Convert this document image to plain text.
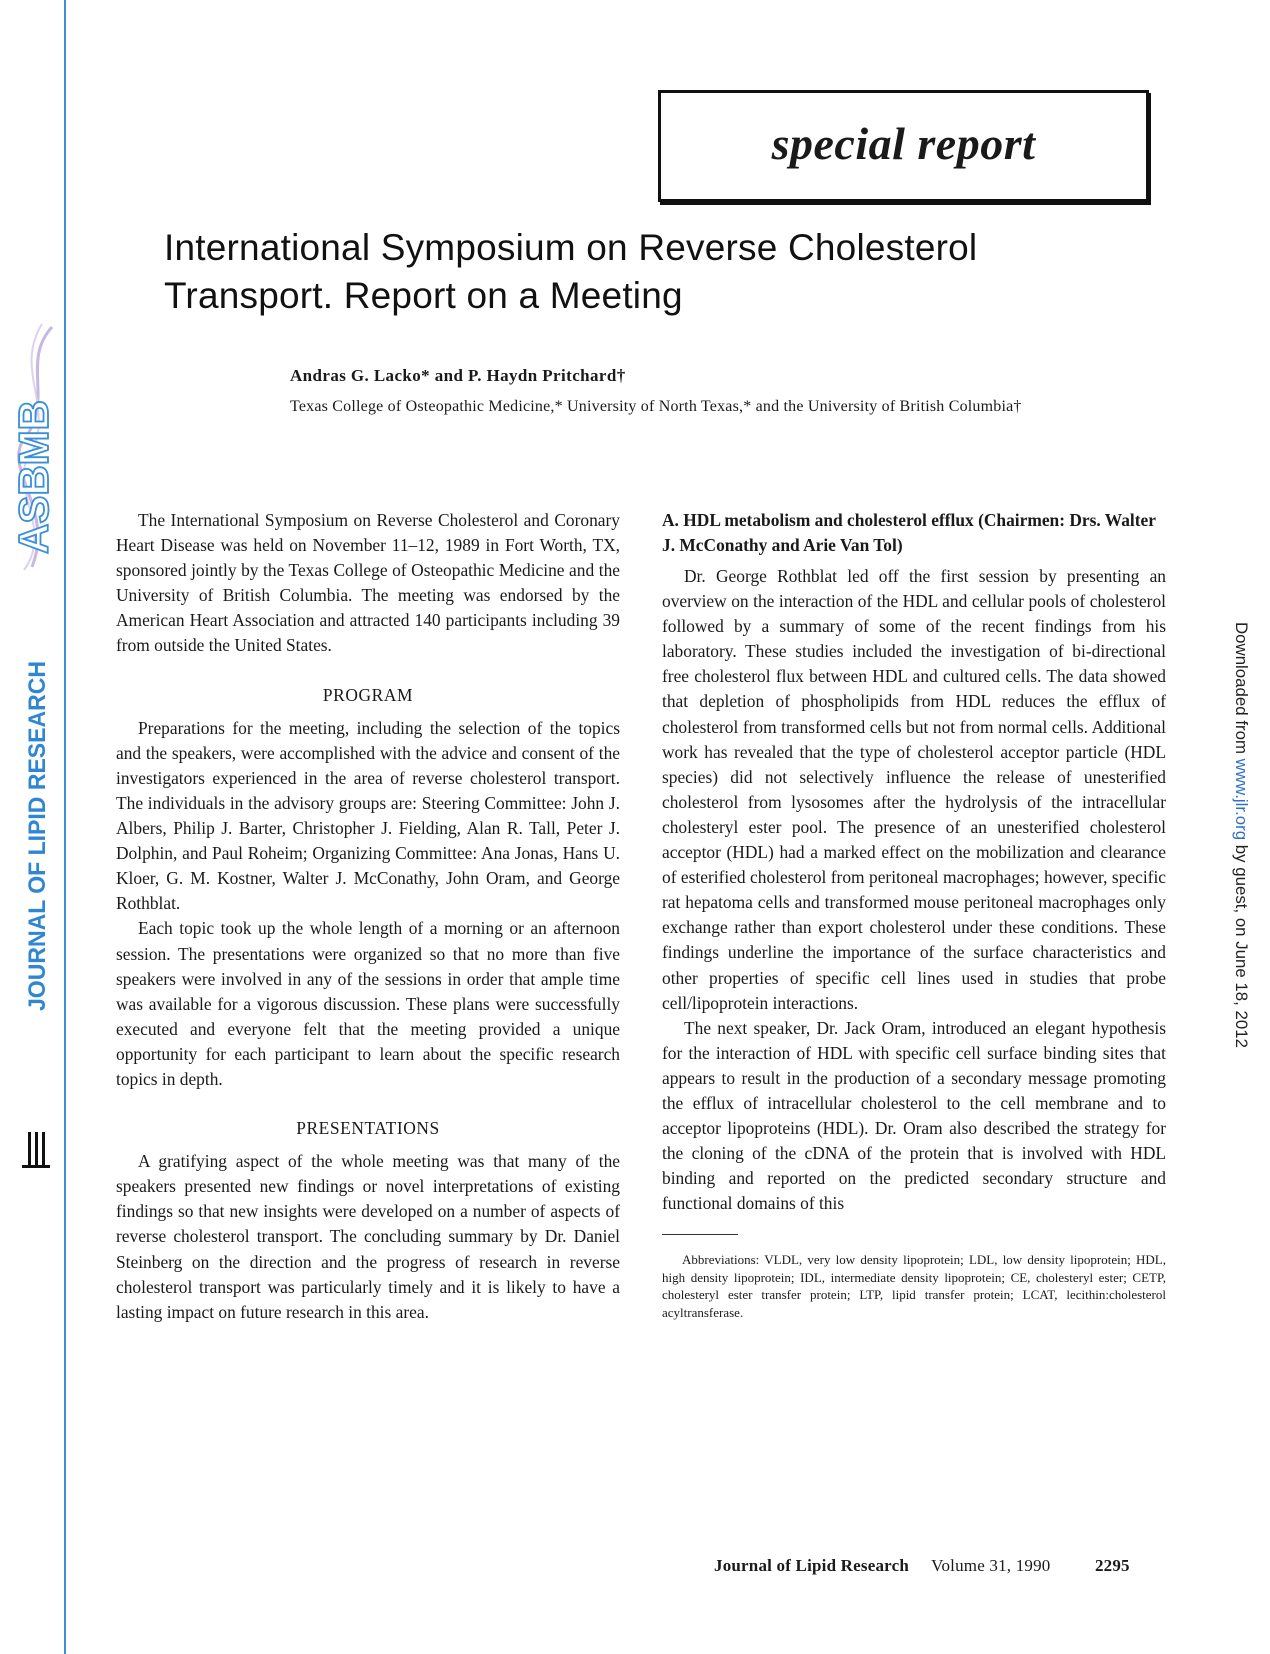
ASBMB
JOURNAL OF LIPID RESEARCH	Downloaded from www.jlr.org by guest, on June 18, 2012
special report
International Symposium on Reverse Cholesterol
Transport. Report on a Meeting
Andras G. Lacko* and P. Haydn Pritchard†
Texas College of Osteopathic Medicine,* University of North Texas,* and the University of British Columbia†

The International Symposium on Reverse Cholesterol and Coronary Heart Disease was held on November 11–12, 1989 in Fort Worth, TX, sponsored jointly by the Texas College of Osteopathic Medicine and the University of British Columbia. The meeting was endorsed by the American Heart Association and attracted 140 participants including 39 from outside the United States.

PROGRAM

Preparations for the meeting, including the selection of the topics and the speakers, were accomplished with the advice and consent of the investigators experienced in the area of reverse cholesterol transport. The individuals in the advisory groups are: Steering Committee: John J. Albers, Philip J. Barter, Christopher J. Fielding, Alan R. Tall, Peter J. Dolphin, and Paul Roheim; Organizing Committee: Ana Jonas, Hans U. Kloer, G. M. Kostner, Walter J. McConathy, John Oram, and George Rothblat.

Each topic took up the whole length of a morning or an afternoon session. The presentations were organized so that no more than five speakers were involved in any of the sessions in order that ample time was available for a vigorous discussion. These plans were successfully executed and everyone felt that the meeting provided a unique opportunity for each participant to learn about the specific research topics in depth.

PRESENTATIONS

A gratifying aspect of the whole meeting was that many of the speakers presented new findings or novel interpretations of existing findings so that new insights were developed on a number of aspects of reverse cholesterol transport. The concluding summary by Dr. Daniel Steinberg on the direction and the progress of research in reverse cholesterol transport was particularly timely and it is likely to have a lasting impact on future research in this area.

A. HDL metabolism and cholesterol efflux (Chairmen: Drs. Walter J. McConathy and Arie Van Tol)

Dr. George Rothblat led off the first session by presenting an overview on the interaction of the HDL and cellular pools of cholesterol followed by a summary of some of the recent findings from his laboratory. These studies included the investigation of bi-directional free cholesterol flux between HDL and cultured cells. The data showed that depletion of phospholipids from HDL reduces the efflux of cholesterol from transformed cells but not from normal cells. Additional work has revealed that the type of cholesterol acceptor particle (HDL species) did not selectively influence the release of unesterified cholesterol from lysosomes after the hydrolysis of the intracellular cholesteryl ester pool. The presence of an unesterified cholesterol acceptor (HDL) had a marked effect on the mobilization and clearance of esterified cholesterol from peritoneal macrophages; however, specific rat hepatoma cells and transformed mouse peritoneal macrophages only exchange rather than export cholesterol under these conditions. These findings underline the importance of the surface characteristics and other properties of specific cell lines used in studies that probe cell/lipoprotein interactions.

The next speaker, Dr. Jack Oram, introduced an elegant hypothesis for the interaction of HDL with specific cell surface binding sites that appears to result in the production of a secondary message promoting the efflux of intracellular cholesterol to the cell membrane and to acceptor lipoproteins (HDL). Dr. Oram also described the strategy for the cloning of the cDNA of the protein that is involved with HDL binding and reported on the predicted secondary structure and functional domains of this

Abbreviations: VLDL, very low density lipoprotein; LDL, low density lipoprotein; HDL, high density lipoprotein; IDL, intermediate density lipoprotein; CE, cholesteryl ester; CETP, cholesteryl ester transfer protein; LTP, lipid transfer protein; LCAT, lecithin:cholesterol acyltransferase.
Journal of Lipid Research Volume 31, 1990	2295
